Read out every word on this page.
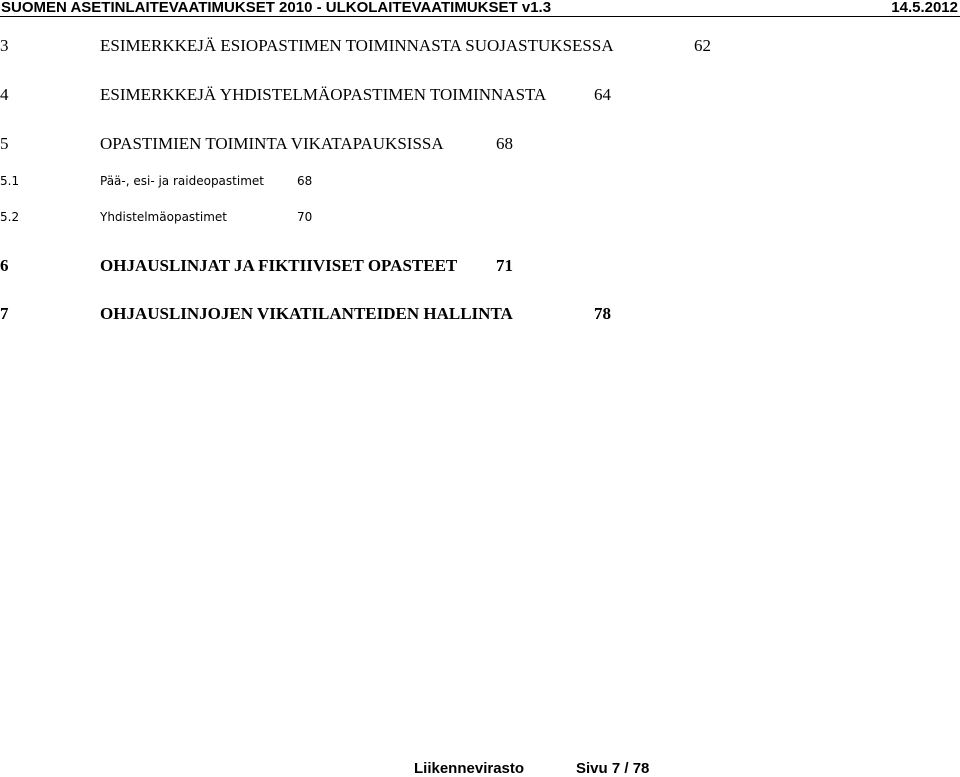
SUOMEN ASETINLAITEVAATIMUKSET 2010 - ULKOLAITEVAATIMUKSET v1.3	14.5.2012
3	ESIMERKKEJÄ ESIOPASTIMEN TOIMINNASTA SUOJASTUKSESSA	62
4	ESIMERKKEJÄ YHDISTELMÄOPASTIMEN TOIMINNASTA	64
5	OPASTIMIEN TOIMINTA VIKATAPAUKSISSA	68
5.1	Pää-, esi- ja raideopastimet	68
5.2	Yhdistelmäopastimet	70
6	OHJAUSLINJAT JA FIKTIIVISET OPASTEET 71
7	OHJAUSLINJOJEN VIKATILANTEIDEN HALLINTA	78
Liikennevirasto	Sivu 7 / 78
